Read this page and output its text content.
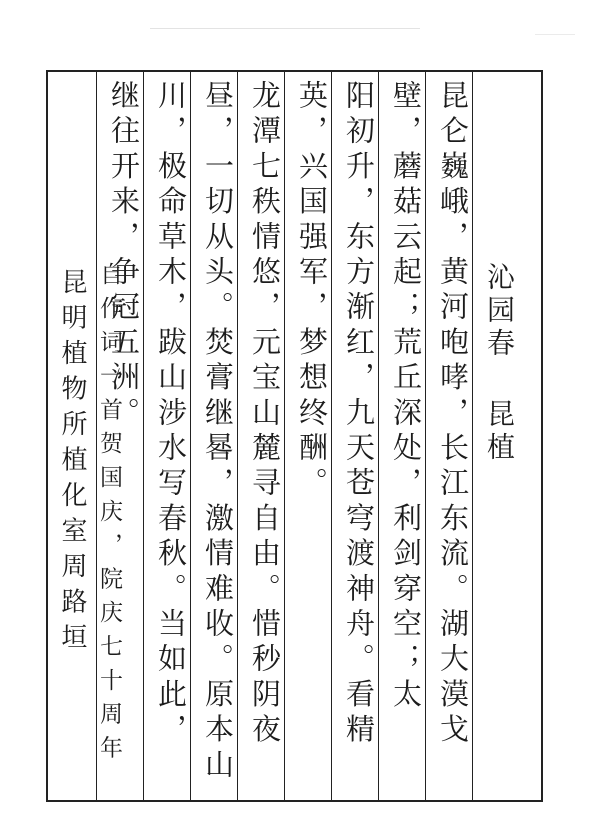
沁园春 昆植
昆仑巍峨，黄河咆哮，长江东流。湖大漠戈
壁，蘑菇云起；荒丘深处，利剑穿空；太
阳初升，东方渐红，九天苍穹渡神舟。看精
英，兴国强军，梦想终酬。
龙潭七秩情悠，元宝山麓寻自由。惜秒阴夜
昼，一切从头。焚膏继晷，激情难收。原本山
川，极命草木，跋山涉水写春秋。当如此，
继往开来，争冠五洲。
自作词一首贺国庆，院庆七十周年
昆明植物所植化室周路垣
